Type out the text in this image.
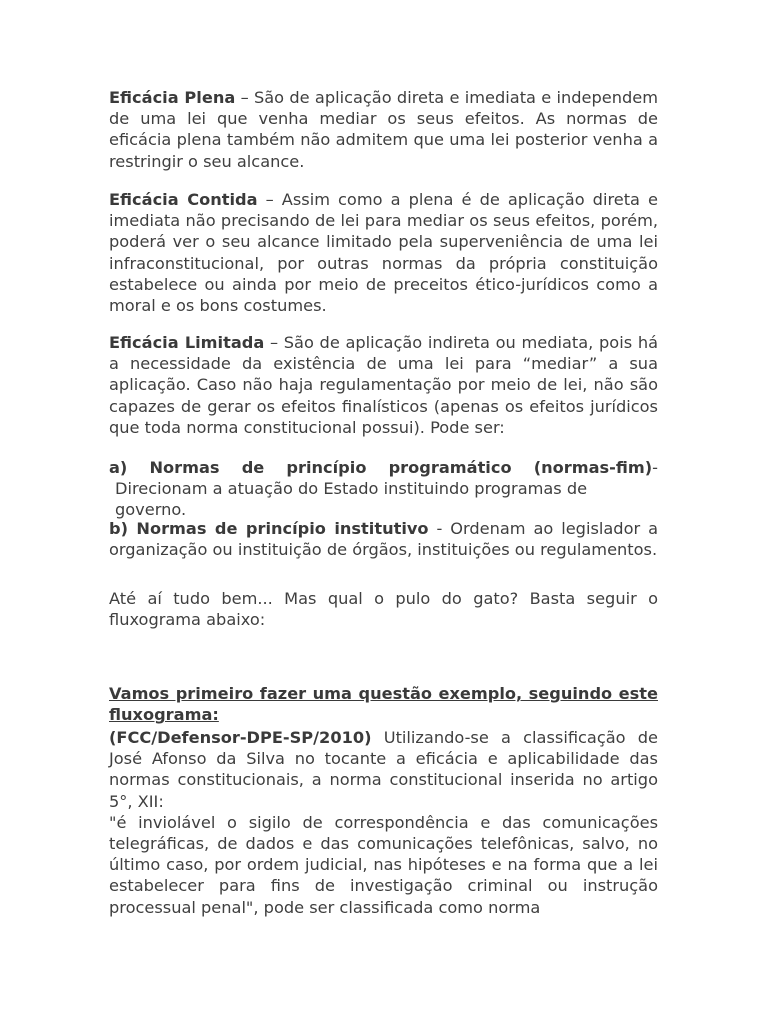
Eficácia Plena – São de aplicação direta e imediata e independem de uma lei que venha mediar os seus efeitos. As normas de eficácia plena também não admitem que uma lei posterior venha a restringir o seu alcance.

Eficácia Contida – Assim como a plena é de aplicação direta e imediata não precisando de lei para mediar os seus efeitos, porém, poderá ver o seu alcance limitado pela superveniência de uma lei infraconstitucional, por outras normas da própria constituição estabelece ou ainda por meio de preceitos ético-jurídicos como a moral e os bons costumes.

Eficácia Limitada – São de aplicação indireta ou mediata, pois há a necessidade da existência de uma lei para “mediar” a sua aplicação. Caso não haja regulamentação por meio de lei, não são capazes de gerar os efeitos finalísticos (apenas os efeitos jurídicos que toda norma constitucional possui). Pode ser:

a) Normas de princípio programático (normas-fim)-
Direcionam a atuação do Estado instituindo programas de governo.

b) Normas de princípio institutivo - Ordenam ao legislador a organização ou instituição de órgãos, instituições ou regulamentos.

Até aí tudo bem... Mas qual o pulo do gato? Basta seguir o fluxograma abaixo:

Vamos primeiro fazer uma questão exemplo, seguindo este fluxograma:

(FCC/Defensor-DPE-SP/2010) Utilizando-se a classificação de José Afonso da Silva no tocante a eficácia e aplicabilidade das normas constitucionais, a norma constitucional inserida no artigo 5°, XII:
"é inviolável o sigilo de correspondência e das comunicações telegráficas, de dados e das comunicações telefônicas, salvo, no último caso, por ordem judicial, nas hipóteses e na forma que a lei estabelecer para fins de investigação criminal ou instrução processual penal", pode ser classificada como norma
